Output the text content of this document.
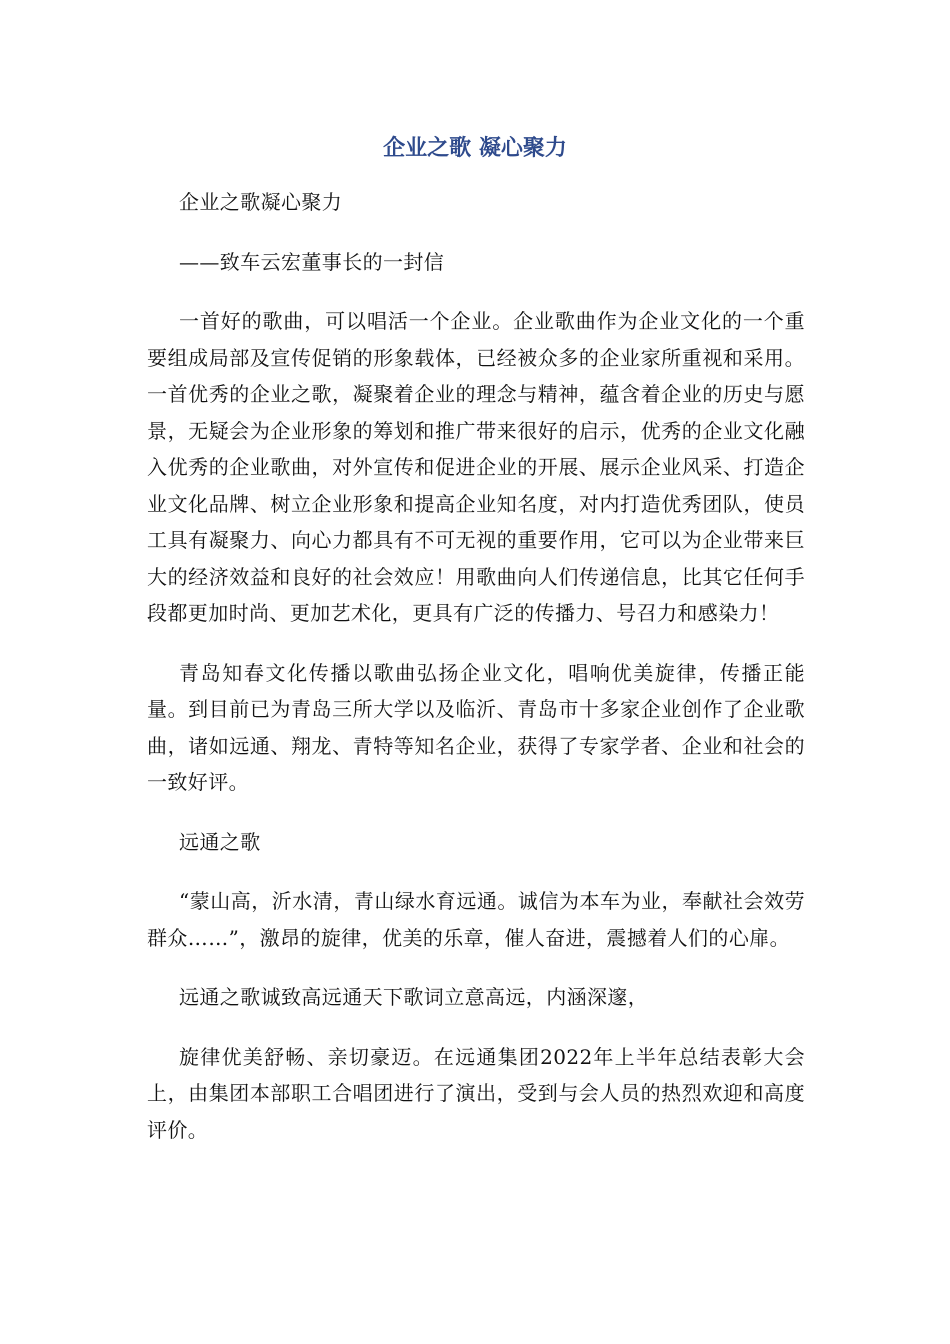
企业之歌 凝心聚力

企业之歌凝心聚力

——致车云宏董事长的一封信

一首好的歌曲，可以唱活一个企业。企业歌曲作为企业文化的一个重要组成局部及宣传促销的形象载体，已经被众多的企业家所重视和采用。一首优秀的企业之歌，凝聚着企业的理念与精神，蕴含着企业的历史与愿景，无疑会为企业形象的筹划和推广带来很好的启示，优秀的企业文化融入优秀的企业歌曲，对外宣传和促进企业的开展、展示企业风采、打造企业文化品牌、树立企业形象和提高企业知名度，对内打造优秀团队，使员工具有凝聚力、向心力都具有不可无视的重要作用，它可以为企业带来巨大的经济效益和良好的社会效应！用歌曲向人们传递信息，比其它任何手段都更加时尚、更加艺术化，更具有广泛的传播力、号召力和感染力！

青岛知春文化传播以歌曲弘扬企业文化，唱响优美旋律，传播正能量。到目前已为青岛三所大学以及临沂、青岛市十多家企业创作了企业歌曲，诸如远通、翔龙、青特等知名企业，获得了专家学者、企业和社会的一致好评。

远通之歌

“蒙山高，沂水清，青山绿水育远通。诚信为本车为业，奉献社会效劳群众……”，激昂的旋律，优美的乐章，催人奋进，震撼着人们的心扉。

远通之歌诚致高远通天下歌词立意高远，内涵深邃，

旋律优美舒畅、亲切豪迈。在远通集团2022年上半年总结表彰大会上，由集团本部职工合唱团进行了演出，受到与会人员的热烈欢迎和高度评价。
